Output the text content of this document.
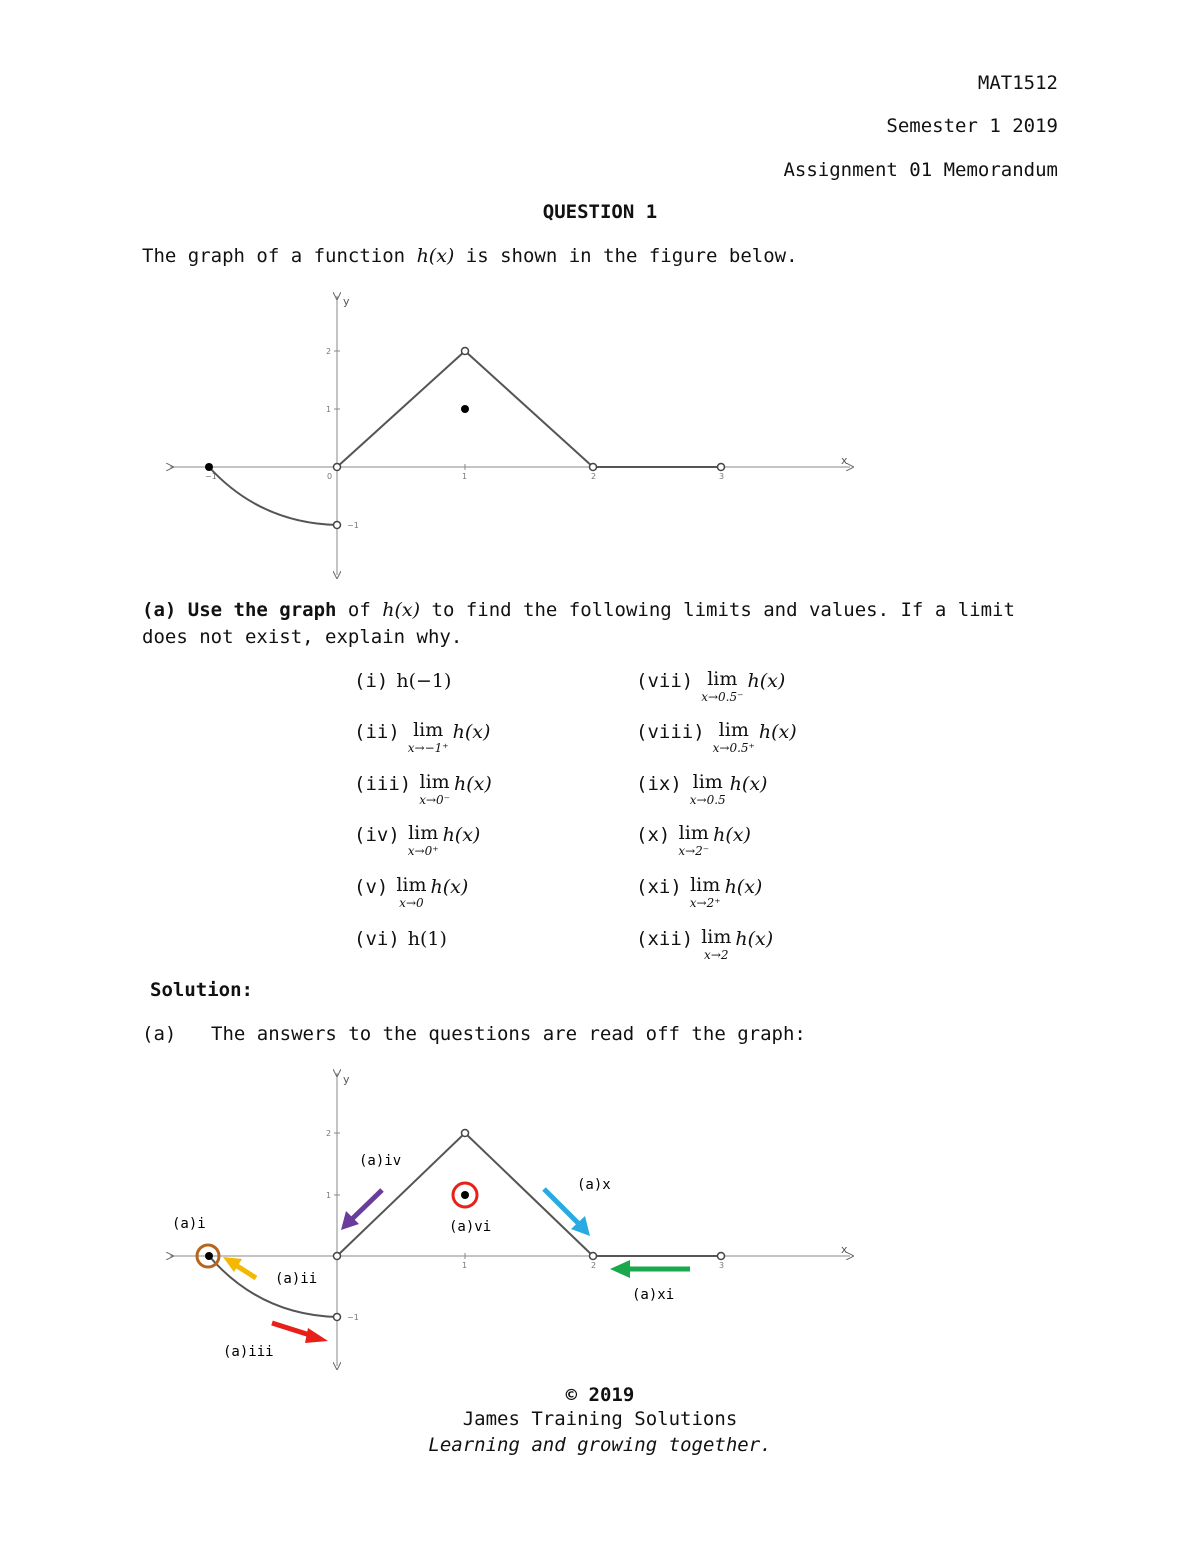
MAT1512
Semester 1 2019
Assignment 01 Memorandum
QUESTION 1
The graph of a function h(x) is shown in the figure below.
x
y
−1	0	1	2	3
2
1
−1
(a) Use the graph of h(x) to find the following limits and values. If a limit
does not exist, explain why.
(i) h(−1)
(ii) lim
x→−1⁺
h(x)
(iii) lim
x→0⁻
h(x)
(iv) lim
x→0⁺
h(x)
(v) lim
x→0
h(x)
(vi) h(1)
(vii) lim
x→0.5⁻
h(x)
(viii) lim
x→0.5⁺
h(x)
(ix) lim
x→0.5
h(x)
(x) lim
x→2⁻
h(x)
(xi) lim
x→2⁺
h(x)
(xii) lim
x→2
h(x)
Solution:
(a) The answers to the questions are read off the graph:
x
y
1	2	3
2
1
−1
(a)i
(a)ii
(a)iii
(a)iv
(a)vi
(a)x
(a)xi
© 2019
James Training Solutions
Learning and growing together.
